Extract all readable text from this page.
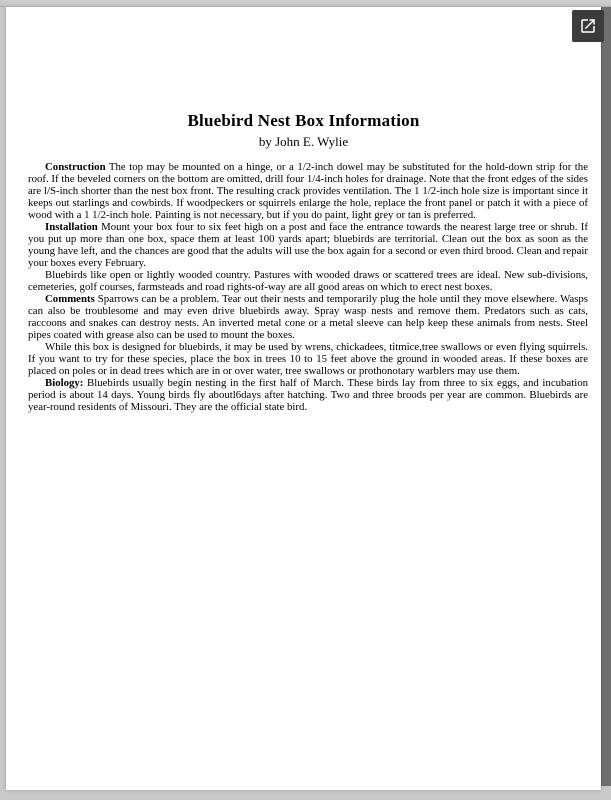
Bluebird Nest Box Information
by John E. Wylie

Construction The top may be mounted on a hinge, or a 1/2-inch dowel may be substituted for the hold-down strip for the roof. If the beveled corners on the bottom are omitted, drill four 1/4-inch holes for drainage. Note that the front edges of the sides are l/S-inch shorter than the nest box front. The resulting crack provides ventilation. The 1 1/2-inch hole size is important since it keeps out starlings and cowbirds. If woodpeckers or squirrels enlarge the hole, replace the front panel or patch it with a piece of wood with a 1 1/2-inch hole. Painting is not necessary, but if you do paint, light grey or tan is preferred.

Installation Mount your box four to six feet high on a post and face the entrance towards the nearest large tree or shrub. If you put up more than one box, space them at least 100 yards apart; bluebirds are territorial. Clean out the box as soon as the young have left, and the chances are good that the adults will use the box again for a second or even third brood. Clean and repair your boxes every February.

Bluebirds like open or lightly wooded country. Pastures with wooded draws or scattered trees are ideal. New sub-divisions, cemeteries, golf courses, farmsteads and road rights-of-way are all good areas on which to erect nest boxes.

Comments Sparrows can be a problem. Tear out their nests and temporarily plug the hole until they move elsewhere. Wasps can also be troublesome and may even drive bluebirds away. Spray wasp nests and remove them. Predators such as cats, raccoons and snakes can destroy nests. An inverted metal cone or a metal sleeve can help keep these animals from nests. Steel pipes coated with grease also can be used to mount the boxes.

While this box is designed for bluebirds, it may be used by wrens, chickadees, titmice,tree swallows or even flying squirrels. If you want to try for these species, place the box in trees 10 to 15 feet above the ground in wooded areas. If these boxes are placed on poles or in dead trees which are in or over water, tree swallows or prothonotary warblers may use them.

Biology: Bluebirds usually begin nesting in the first half of March. These birds lay from three to six eggs, and incubation period is about 14 days. Young birds fly aboutl6days after hatching. Two and three broods per year are common. Bluebirds are year-round residents of Missouri. They are the official state bird.
